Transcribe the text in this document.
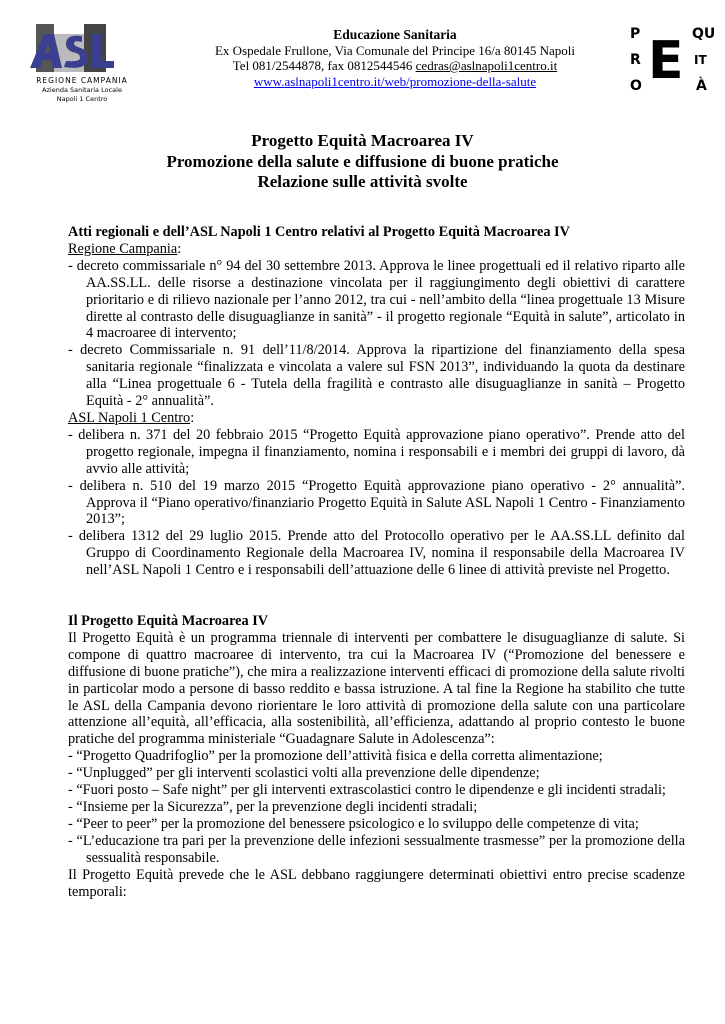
REGIONE CAMPANIA
Azienda Sanitaria Locale
Napoli 1 Centro
Educazione Sanitaria
Ex Ospedale Frullone, Via Comunale del Principe 16/a 80145 Napoli
Tel 081/2544878, fax 0812544546 cedras@aslnapoli1centro.it
www.aslnapoli1centro.it/web/promozione-della-salute
P
R
O E QU
IT
À
Progetto Equità Macroarea IV
Promozione della salute e diffusione di buone pratiche
Relazione sulle attività svolte
Atti regionali e dell’ASL Napoli 1 Centro relativi al Progetto Equità Macroarea IV
Regione Campania:
- decreto commissariale n° 94 del 30 settembre 2013. Approva le linee progettuali ed il relativo riparto alle AA.SS.LL. delle risorse a destinazione vincolata per il raggiungimento degli obiettivi di carattere prioritario e di rilievo nazionale per l’anno 2012, tra cui - nell’ambito della “linea progettuale 13 Misure dirette al contrasto delle disuguaglianze in sanità” - il progetto regionale “Equità in salute”, articolato in 4 macroaree di intervento;
- decreto Commissariale n. 91 dell’11/8/2014. Approva la ripartizione del finanziamento della spesa sanitaria regionale “finalizzata e vincolata a valere sul FSN 2013”, individuando la quota da destinare alla “Linea progettuale 6 - Tutela della fragilità e contrasto alle disuguaglianze in sanità – Progetto Equità - 2° annualità”.
ASL Napoli 1 Centro:
- delibera n. 371 del 20 febbraio 2015 “Progetto Equità approvazione piano operativo”. Prende atto del progetto regionale, impegna il finanziamento, nomina i responsabili e i membri dei gruppi di lavoro, dà avvio alle attività;
- delibera n. 510 del 19 marzo 2015 “Progetto Equità approvazione piano operativo - 2° annualità”. Approva il “Piano operativo/finanziario Progetto Equità in Salute ASL Napoli 1 Centro - Finanziamento 2013”;
- delibera 1312 del 29 luglio 2015. Prende atto del Protocollo operativo per le AA.SS.LL definito dal Gruppo di Coordinamento Regionale della Macroarea IV, nomina il responsabile della Macroarea IV nell’ASL Napoli 1 Centro e i responsabili dell’attuazione delle 6 linee di attività previste nel Progetto.
Il Progetto Equità Macroarea IV

Il Progetto Equità è un programma triennale di interventi per combattere le disuguaglianze di salute. Si compone di quattro macroaree di intervento, tra cui la Macroarea IV (“Promozione del benessere e diffusione di buone pratiche”), che mira a realizzazione interventi efficaci di promozione della salute rivolti in particolar modo a persone di basso reddito e bassa istruzione. A tal fine la Regione ha stabilito che tutte le ASL della Campania devono riorientare le loro attività di promozione della salute con una particolare attenzione all’equità, all’efficacia, alla sostenibilità, all’efficienza, adattando al proprio contesto le buone pratiche del programma ministeriale “Guadagnare Salute in Adolescenza”:

- “Progetto Quadrifoglio” per la promozione dell’attività fisica e della corretta alimentazione;
- “Unplugged” per gli interventi scolastici volti alla prevenzione delle dipendenze;
- “Fuori posto – Safe night” per gli interventi extrascolastici contro le dipendenze e gli incidenti stradali;
- “Insieme per la Sicurezza”, per la prevenzione degli incidenti stradali;
- “Peer to peer” per la promozione del benessere psicologico e lo sviluppo delle competenze di vita;
- “L’educazione tra pari per la prevenzione delle infezioni sessualmente trasmesse” per la promozione della sessualità responsabile.

Il Progetto Equità prevede che le ASL debbano raggiungere determinati obiettivi entro precise scadenze temporali:
